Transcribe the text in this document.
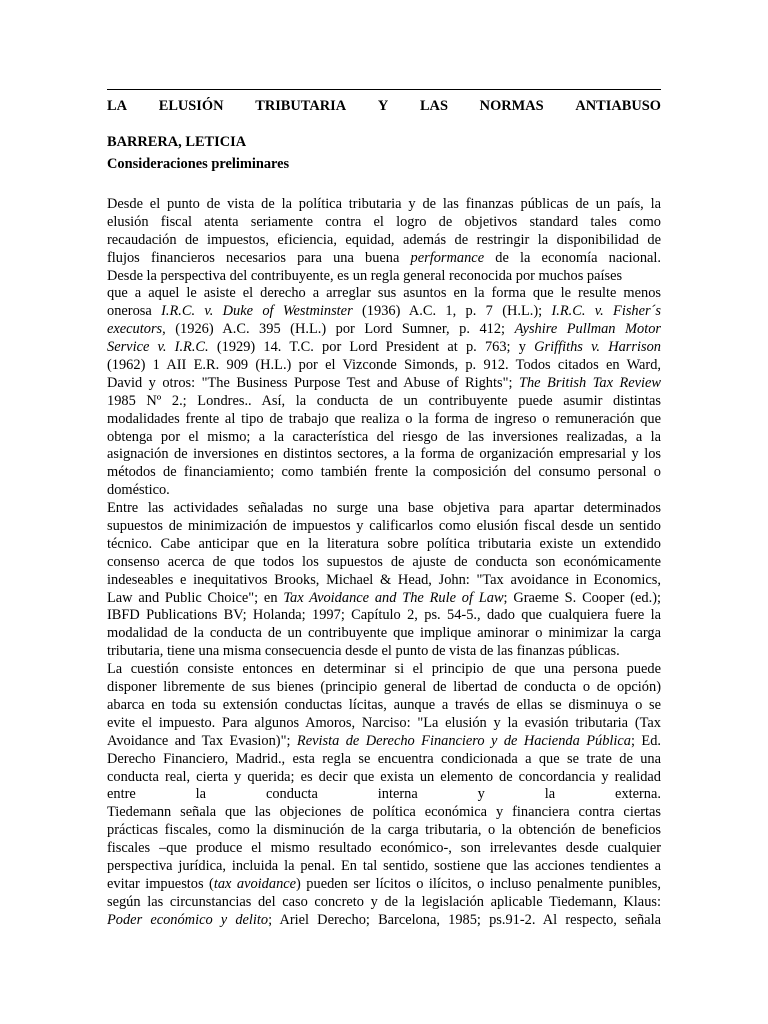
LA ELUSIÓN TRIBUTARIA Y LAS NORMAS ANTIABUSO
BARRERA, LETICIA
Consideraciones preliminares
Desde el punto de vista de la política tributaria y de las finanzas públicas de un país, la
elusión fiscal atenta seriamente contra el logro de objetivos standard tales como
recaudación de impuestos, eficiencia, equidad, además de restringir la disponibilidad de
flujos financieros necesarios para una buena performance de la economía nacional.
Desde la perspectiva del contribuyente, es un regla general reconocida por muchos países
que a aquel le asiste el derecho a arreglar sus asuntos en la forma que le resulte menos
onerosa I.R.C. v. Duke of Westminster (1936) A.C. 1, p. 7 (H.L.); I.R.C. v. Fisher´s
executors, (1926) A.C. 395 (H.L.) por Lord Sumner, p. 412; Ayshire Pullman Motor
Service v. I.R.C. (1929) 14. T.C. por Lord President at p. 763; y Griffiths v. Harrison
(1962) 1 AII E.R. 909 (H.L.) por el Vizconde Simonds, p. 912. Todos citados en Ward,
David y otros: "The Business Purpose Test and Abuse of Rights"; The British Tax Review
1985 Nº 2.; Londres.. Así, la conducta de un contribuyente puede asumir distintas
modalidades frente al tipo de trabajo que realiza o la forma de ingreso o remuneración que
obtenga por el mismo; a la característica del riesgo de las inversiones realizadas, a la
asignación de inversiones en distintos sectores, a la forma de organización empresarial y los
métodos de financiamiento; como también frente la composición del consumo personal o
doméstico.
Entre las actividades señaladas no surge una base objetiva para apartar determinados
supuestos de minimización de impuestos y calificarlos como elusión fiscal desde un sentido
técnico. Cabe anticipar que en la literatura sobre política tributaria existe un extendido
consenso acerca de que todos los supuestos de ajuste de conducta son económicamente
indeseables e inequitativos Brooks, Michael & Head, John: "Tax avoidance in Economics,
Law and Public Choice"; en Tax Avoidance and The Rule of Law; Graeme S. Cooper (ed.);
IBFD Publications BV; Holanda; 1997; Capítulo 2, ps. 54-5., dado que cualquiera fuere la
modalidad de la conducta de un contribuyente que implique aminorar o minimizar la carga
tributaria, tiene una misma consecuencia desde el punto de vista de las finanzas públicas.
La cuestión consiste entonces en determinar si el principio de que una persona puede
disponer libremente de sus bienes (principio general de libertad de conducta o de opción)
abarca en toda su extensión conductas lícitas, aunque a través de ellas se disminuya o se
evite el impuesto. Para algunos Amoros, Narciso: "La elusión y la evasión tributaria (Tax
Avoidance and Tax Evasion)"; Revista de Derecho Financiero y de Hacienda Pública; Ed.
Derecho Financiero, Madrid., esta regla se encuentra condicionada a que se trate de una
conducta real, cierta y querida; es decir que exista un elemento de concordancia y realidad
entre la conducta interna y la externa.
Tiedemann señala que las objeciones de política económica y financiera contra ciertas
prácticas fiscales, como la disminución de la carga tributaria, o la obtención de beneficios
fiscales –que produce el mismo resultado económico-, son irrelevantes desde cualquier
perspectiva jurídica, incluida la penal. En tal sentido, sostiene que las acciones tendientes a
evitar impuestos (tax avoidance) pueden ser lícitos o ilícitos, o incluso penalmente punibles,
según las circunstancias del caso concreto y de la legislación aplicable Tiedemann, Klaus:
Poder económico y delito; Ariel Derecho; Barcelona, 1985; ps.91-2. Al respecto, señala
